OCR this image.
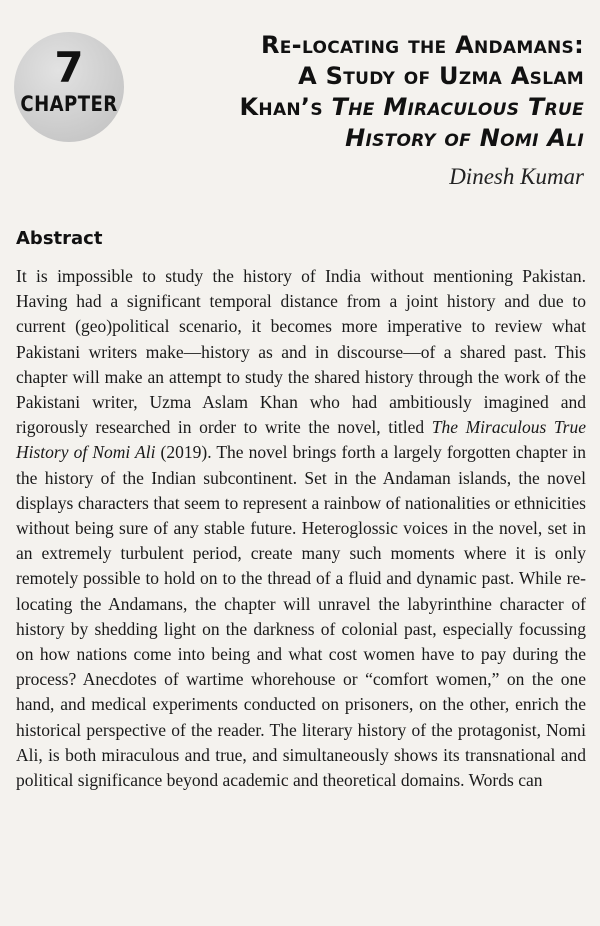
7
CHAPTER
Re-locating the Andamans:
A Study of Uzma Aslam
Khan’s The Miraculous True
History of Nomi Ali
Dinesh Kumar
Abstract

It is impossible to study the history of India without mentioning Pakistan. Having had a significant temporal distance from a joint history and due to current (geo)political scenario, it becomes more imperative to review what Pakistani writers make—history as and in discourse—of a shared past. This chapter will make an attempt to study the shared history through the work of the Pakistani writer, Uzma Aslam Khan who had ambitiously imagined and rigorously researched in order to write the novel, titled The Miraculous True History of Nomi Ali (2019). The novel brings forth a largely forgotten chapter in the history of the Indian subcontinent. Set in the Andaman islands, the novel displays characters that seem to represent a rainbow of nationalities or ethnicities without being sure of any stable future. Heteroglossic voices in the novel, set in an extremely turbulent period, create many such moments where it is only remotely possible to hold on to the thread of a fluid and dynamic past. While re-locating the Andamans, the chapter will unravel the labyrinthine character of history by shedding light on the darkness of colonial past, especially focussing on how nations come into being and what cost women have to pay during the process? Anecdotes of wartime whorehouse or “comfort women,” on the one hand, and medical experiments conducted on prisoners, on the other, enrich the historical perspective of the reader. The literary history of the protagonist, Nomi Ali, is both miraculous and true, and simultaneously shows its transnational and political significance beyond academic and theoretical domains. Words can
